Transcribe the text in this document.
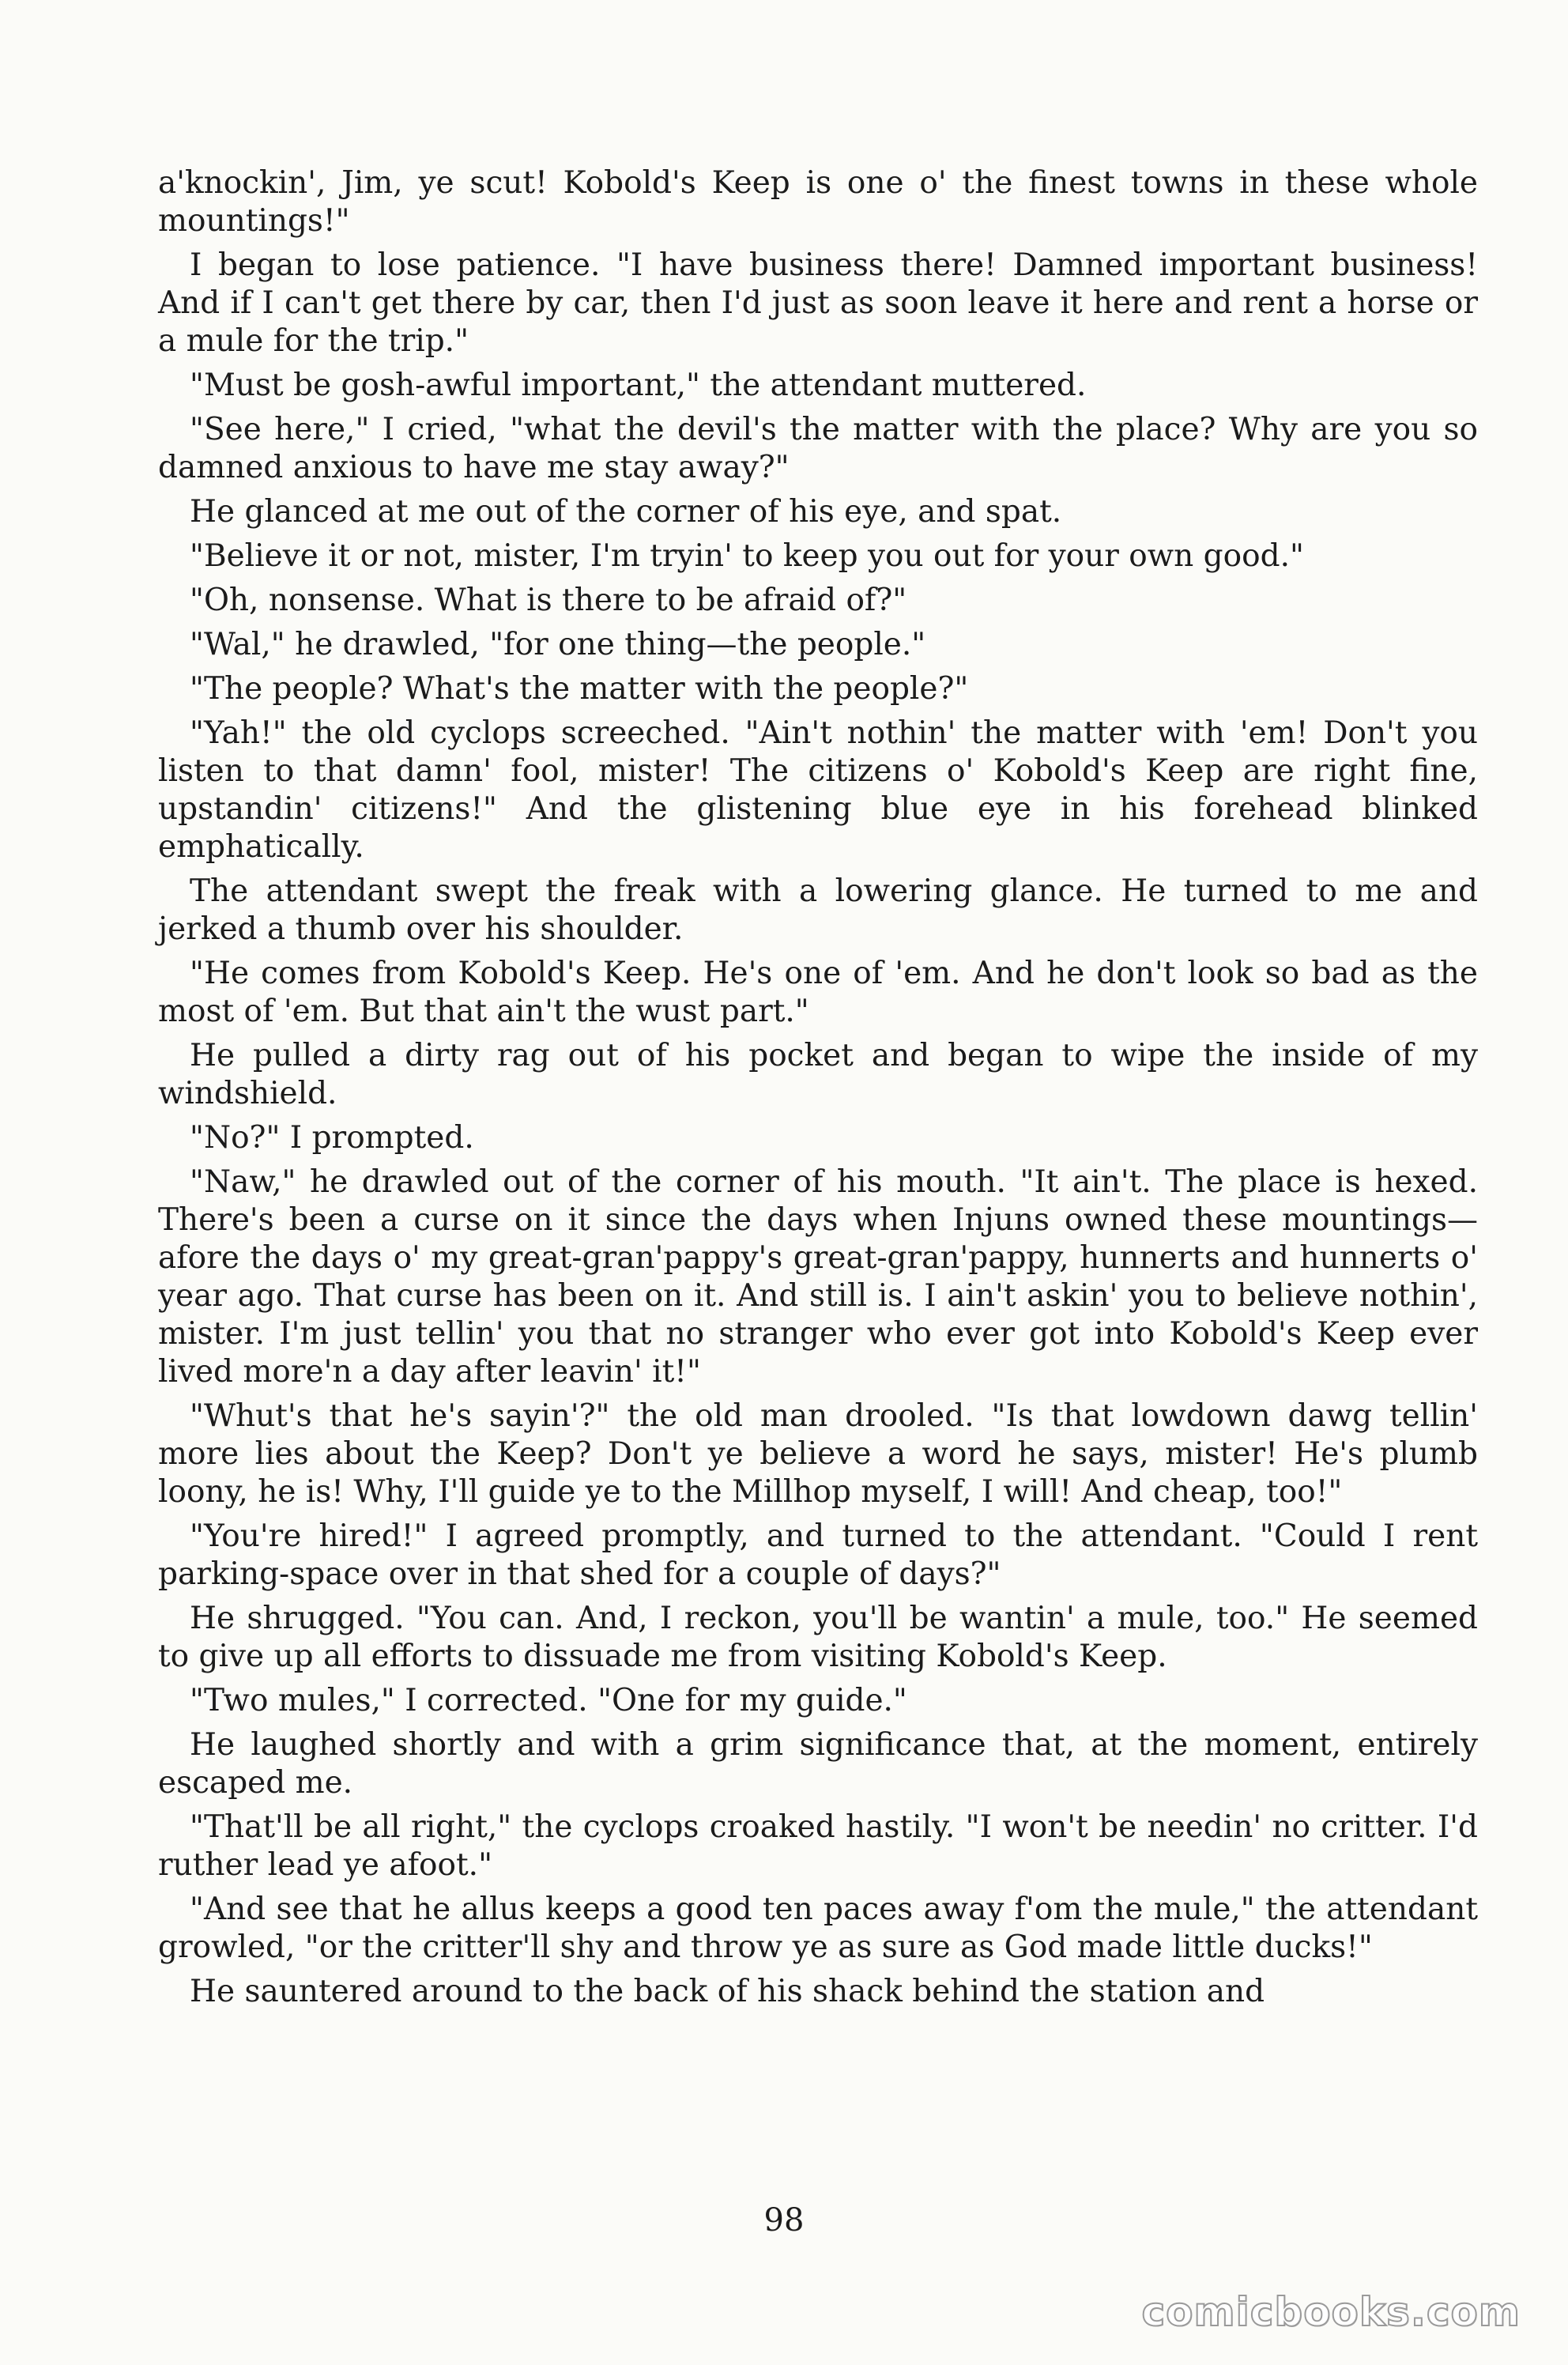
a'knockin', Jim, ye scut! Kobold's Keep is one o' the finest towns in these whole mountings!"

I began to lose patience. "I have business there! Damned important business! And if I can't get there by car, then I'd just as soon leave it here and rent a horse or a mule for the trip."

"Must be gosh-awful important," the attendant muttered.

"See here," I cried, "what the devil's the matter with the place? Why are you so damned anxious to have me stay away?"

He glanced at me out of the corner of his eye, and spat.

"Believe it or not, mister, I'm tryin' to keep you out for your own good."

"Oh, nonsense. What is there to be afraid of?"

"Wal," he drawled, "for one thing—the people."

"The people? What's the matter with the people?"

"Yah!" the old cyclops screeched. "Ain't nothin' the matter with 'em! Don't you listen to that damn' fool, mister! The citizens o' Kobold's Keep are right fine, upstandin' citizens!" And the glistening blue eye in his forehead blinked emphatically.

The attendant swept the freak with a lowering glance. He turned to me and jerked a thumb over his shoulder.

"He comes from Kobold's Keep. He's one of 'em. And he don't look so bad as the most of 'em. But that ain't the wust part."

He pulled a dirty rag out of his pocket and began to wipe the inside of my windshield.

"No?" I prompted.

"Naw," he drawled out of the corner of his mouth. "It ain't. The place is hexed. There's been a curse on it since the days when Injuns owned these mountings—afore the days o' my great-gran'pappy's great-gran'pappy, hunnerts and hunnerts o' year ago. That curse has been on it. And still is. I ain't askin' you to believe nothin', mister. I'm just tellin' you that no stranger who ever got into Kobold's Keep ever lived more'n a day after leavin' it!"

"Whut's that he's sayin'?" the old man drooled. "Is that lowdown dawg tellin' more lies about the Keep? Don't ye believe a word he says, mister! He's plumb loony, he is! Why, I'll guide ye to the Millhop myself, I will! And cheap, too!"

"You're hired!" I agreed promptly, and turned to the attendant. "Could I rent parking-space over in that shed for a couple of days?"

He shrugged. "You can. And, I reckon, you'll be wantin' a mule, too." He seemed to give up all efforts to dissuade me from visiting Kobold's Keep.

"Two mules," I corrected. "One for my guide."

He laughed shortly and with a grim significance that, at the moment, entirely escaped me.

"That'll be all right," the cyclops croaked hastily. "I won't be needin' no critter. I'd ruther lead ye afoot."

"And see that he allus keeps a good ten paces away f'om the mule," the attendant growled, "or the critter'll shy and throw ye as sure as God made little ducks!"

He sauntered around to the back of his shack behind the station and

98
comicbooks.com
